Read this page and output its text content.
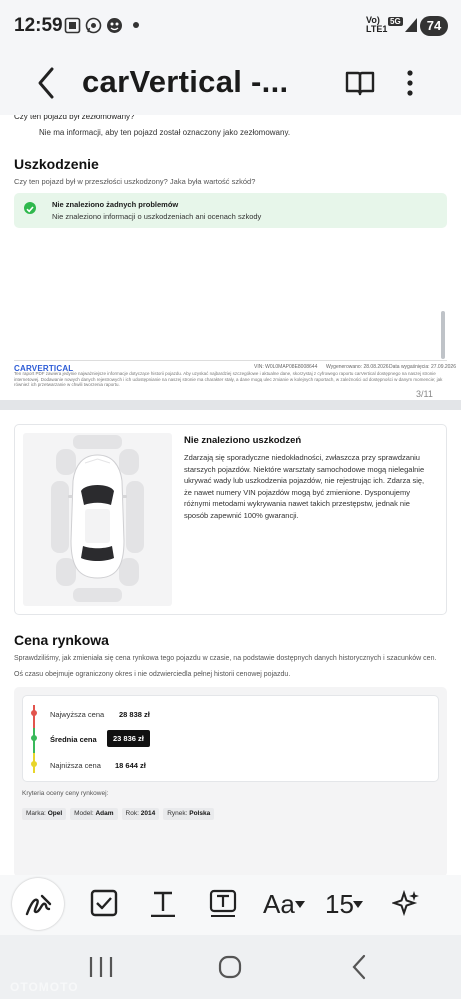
12:59	Vo)
LTE1
5G	74
carVertical -...
Czy ten pojazd był zezłomowany?
Nie ma informacji, aby ten pojazd został oznaczony jako zezłomowany.
Uszkodzenie
Czy ten pojazd był w przeszłości uszkodzony? Jaka była wartość szkód?
Nie znaleziono żadnych problemów
Nie znaleziono informacji o uszkodzeniach ani ocenach szkody
CARVERTICAL	VIN: W0L0MAP08E8008644 Wygenerowano: 28.08.2026 Data wygaśnięcia: 27.09.2026
Ten raport PDF zawiera jedynie najważniejsze informacje dotyczące historii pojazdu. Aby uzyskać najbardziej szczegółowe i aktualne dane, skorzystaj z cyfrowego raportu carVertical dostępnego na naszej stronie internetowej. Dodawanie nowych danych rejestrowych i ich udostępnianie na naszej stronie ma charakter stały, a dane mogą ulec zmianie w kolejnych raportach, w zależności od dostępności w danym momencie; jak również ich przetwarzanie w chwili tworzenia raportu.
3/11
Nie znaleziono uszkodzeń

Zdarzają się sporadyczne niedokładności, zwłaszcza przy sprawdzaniu starszych pojazdów. Niektóre warsztaty samochodowe mogą nielegalnie ukrywać wady lub uszkodzenia pojazdów, nie rejestrując ich. Zdarza się, że nawet numery VIN pojazdów mogą być zmienione. Dysponujemy różnymi metodami wykrywania nawet takich przestępstw, jednak nie sposób zapewnić 100% gwarancji.

Cena rynkowa
Sprawdziliśmy, jak zmieniała się cena rynkowa tego pojazdu w czasie, na podstawie dostępnych danych historycznych i szacunków cen.
Oś czasu obejmuje ograniczony okres i nie odzwierciedla pełnej historii cenowej pojazdu.
Najwyższa cena 28 838 zł
Średnia cena	23 836 zł
Najniższa cena 18 644 zł
Kryteria oceny ceny rynkowej:
Marka: Opel Model: Adam Rok: 2014 Rynek: Polska
Aa 15
OTOMOTO
